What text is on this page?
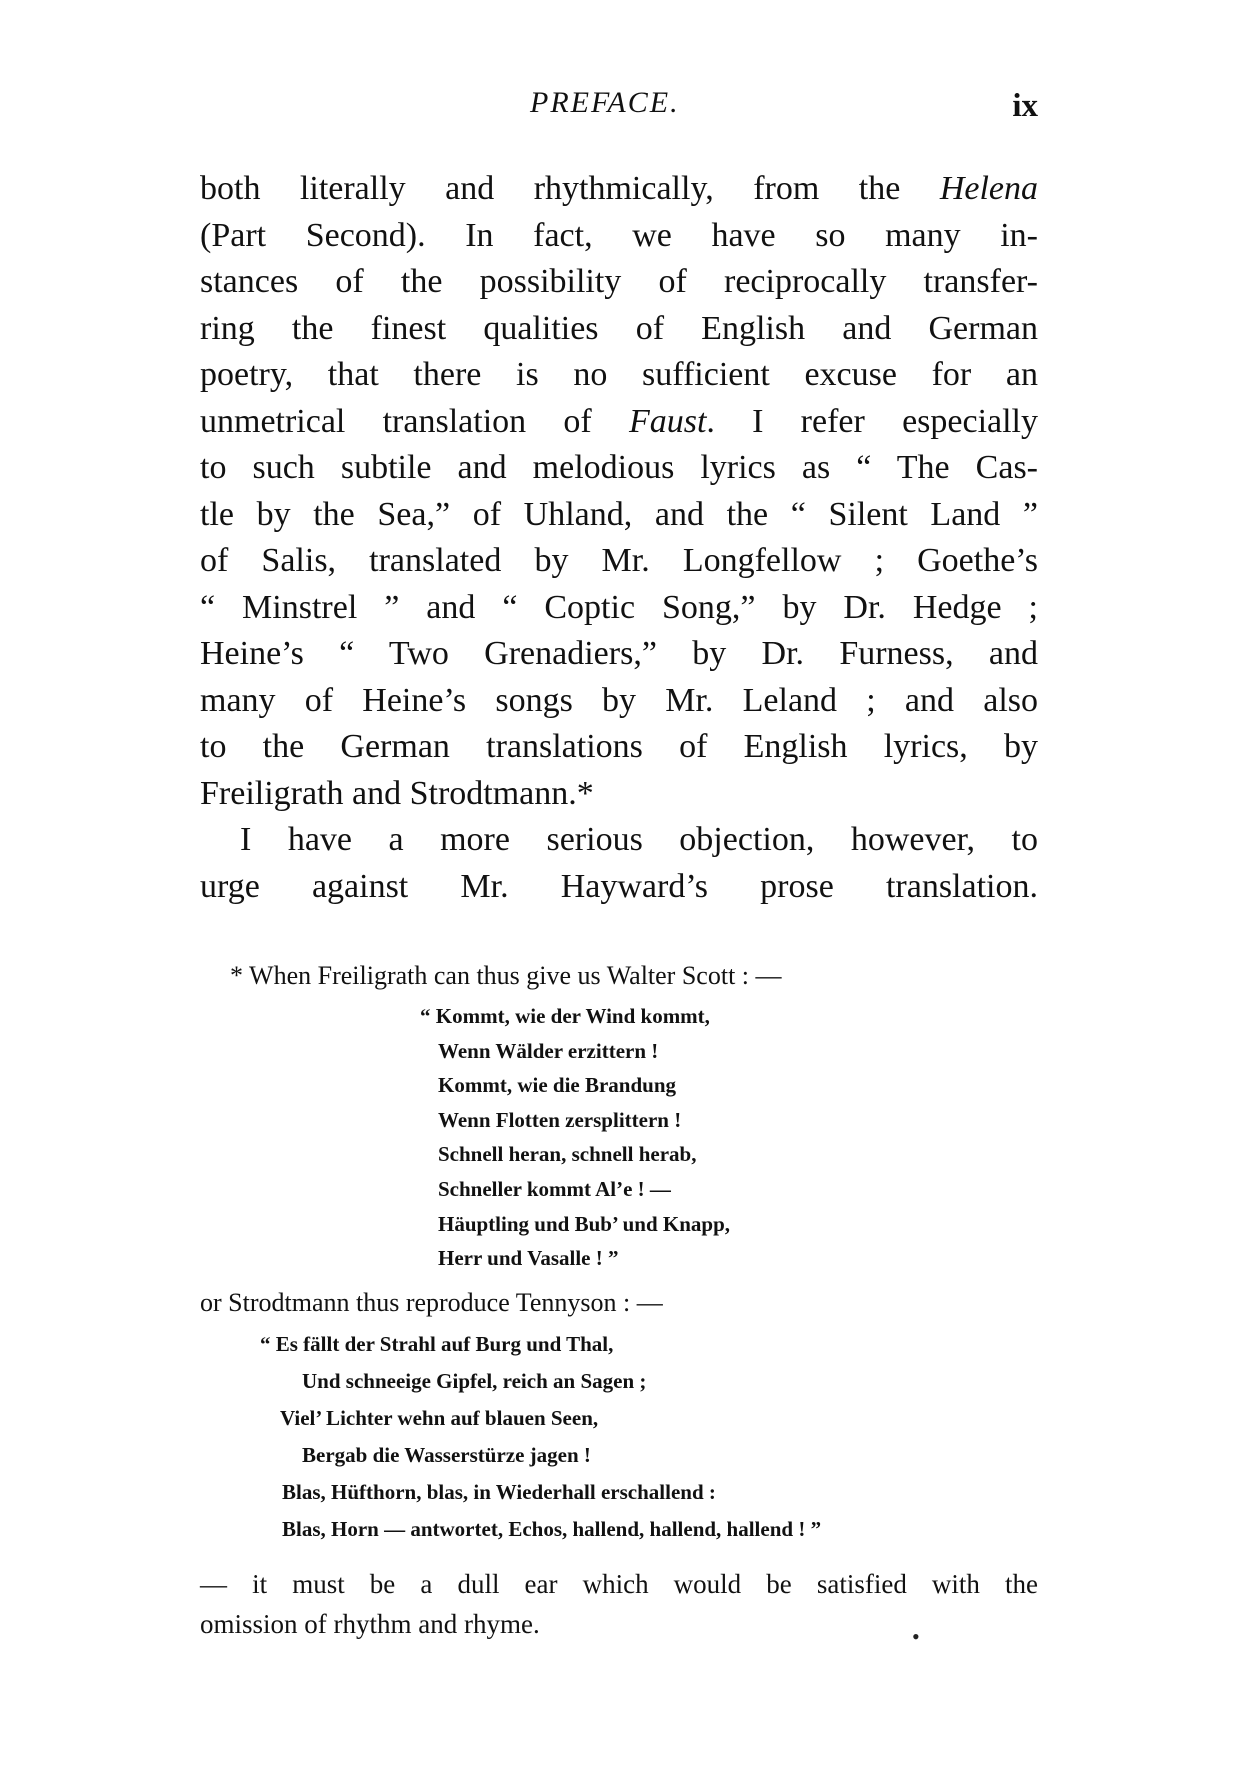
PREFACE.	ix
both literally and rhythmically, from the Helena
(Part Second). In fact, we have so many in-
stances of the possibility of reciprocally transfer-
ring the finest qualities of English and German
poetry, that there is no sufficient excuse for an
unmetrical translation of Faust. I refer especially
to such subtile and melodious lyrics as “ The Cas-
tle by the Sea,” of Uhland, and the “ Silent Land ”
of Salis, translated by Mr. Longfellow ; Goethe’s
“ Minstrel ” and “ Coptic Song,” by Dr. Hedge ;
Heine’s “ Two Grenadiers,” by Dr. Furness, and
many of Heine’s songs by Mr. Leland ; and also
to the German translations of English lyrics, by
Freiligrath and Strodtmann.*
I have a more serious objection, however, to
urge against Mr. Hayward’s prose translation.
* When Freiligrath can thus give us Walter Scott : —
“ Kommt, wie der Wind kommt,
Wenn Wälder erzittern !
Kommt, wie die Brandung
Wenn Flotten zersplittern !
Schnell heran, schnell herab,
Schneller kommt Al’e ! —
Häuptling und Bub’ und Knapp,
Herr und Vasalle ! ”
or Strodtmann thus reproduce Tennyson : —
“ Es fällt der Strahl auf Burg und Thal,
Und schneeige Gipfel, reich an Sagen ;
Viel’ Lichter wehn auf blauen Seen,
Bergab die Wasserstürze jagen !
Blas, Hüfthorn, blas, in Wiederhall erschallend :
Blas, Horn — antwortet, Echos, hallend, hallend, hallend ! ”
— it must be a dull ear which would be satisfied with the
omission of rhythm and rhyme.	•
